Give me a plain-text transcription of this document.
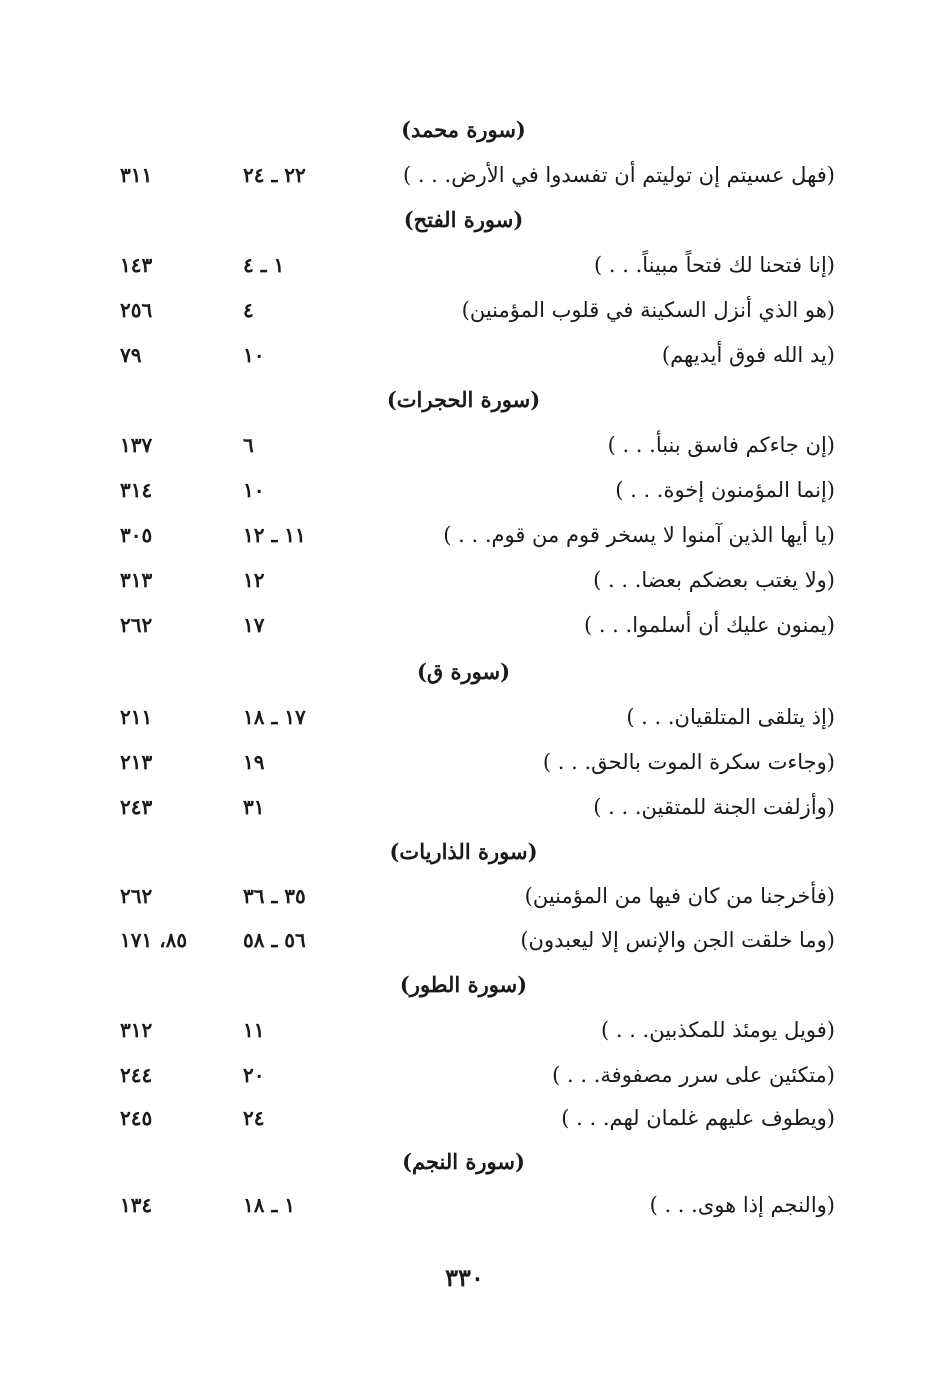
(سورة محمد)
(فهل عسيتم إن توليتم أن تفسدوا في الأرض. . . )
٢٢ ـ ٢٤
٣١١
(سورة الفتح)
(إنا فتحنا لك فتحاً مبيناً. . . )
١ ـ ٤
١٤٣
(هو الذي أنزل السكينة في قلوب المؤمنين)
٤
٢٥٦
(يد الله فوق أيديهم)
١٠
٧٩
(سورة الحجرات)
(إن جاءكم فاسق بنبأ. . . )
٦
١٣٧
(إنما المؤمنون إخوة. . . )
١٠
٣١٤
(يا أيها الذين آمنوا لا يسخر قوم من قوم. . . )
١١ ـ ١٢
٣٠٥
(ولا يغتب بعضكم بعضا. . . )
١٢
٣١٣
(يمنون عليك أن أسلموا. . . )
١٧
٢٦٢
(سورة ق)
(إذ يتلقى المتلقيان. . . )
١٧ ـ ١٨
٢١١
(وجاءت سكرة الموت بالحق. . . )
١٩
٢١٣
(وأزلفت الجنة للمتقين. . . )
٣١
٢٤٣
(سورة الذاريات)
(فأخرجنا من كان فيها من المؤمنين)
٣٥ ـ ٣٦
٢٦٢
(وما خلقت الجن والإنس إلا ليعبدون)
٥٦ ـ ٥٨
٨٥، ١٧١
(سورة الطور)
(فويل يومئذ للمكذبين. . . )
١١
٣١٢
(متكئين على سرر مصفوفة. . . )
٢٠
٢٤٤
(ويطوف عليهم غلمان لهم. . . )
٢٤
٢٤٥
(سورة النجم)
(والنجم إذا هوى. . . )
١ ـ ١٨
١٣٤
٣٣٠
